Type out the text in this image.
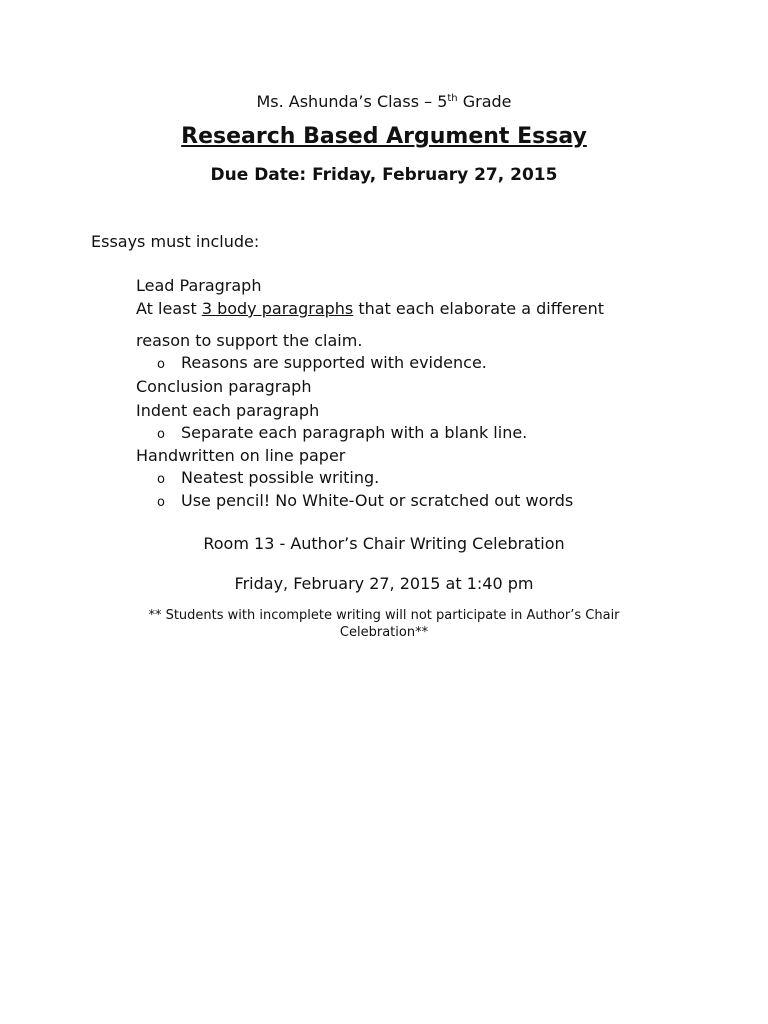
Ms. Ashunda’s Class – 5th Grade
Research Based Argument Essay
Due Date: Friday, February 27, 2015
Essays must include:
Lead Paragraph
At least 3 body paragraphs that each elaborate a different
reason to support the claim.
o Reasons are supported with evidence.
Conclusion paragraph
Indent each paragraph
o Separate each paragraph with a blank line.
Handwritten on line paper
o Neatest possible writing.
o Use pencil! No White-Out or scratched out words
Room 13 - Author’s Chair Writing Celebration
Friday, February 27, 2015 at 1:40 pm
** Students with incomplete writing will not participate in Author’s Chair Celebration**
